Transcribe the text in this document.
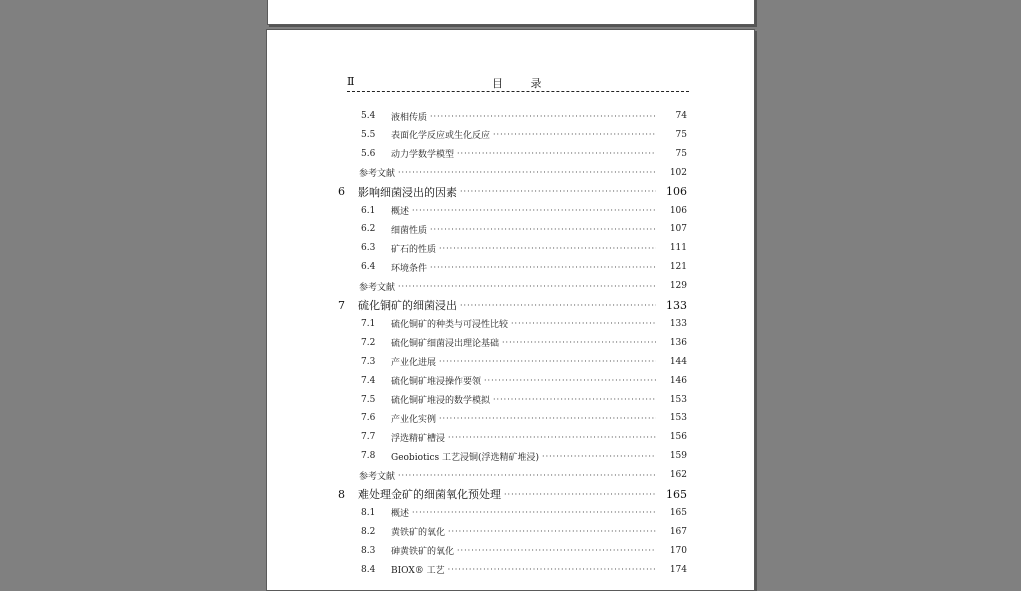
Ⅱ	目 录
5.4	液相传质 ·····	74
5.5	表面化学反应或生化反应 ·····	75
5.6	动力学数学模型 ·····	75
参考文献 ·····	102
6	影响细菌浸出的因素 ·····	106
6.1	概述 ·····	106
6.2	细菌性质 ·····	107
6.3	矿石的性质 ·····	111
6.4	环境条件 ·····	121
参考文献 ·····	129
7	硫化铜矿的细菌浸出 ·····	133
7.1	硫化铜矿的种类与可浸性比较 ·····	133
7.2	硫化铜矿细菌浸出理论基础 ·····	136
7.3	产业化进展 ·····	144
7.4	硫化铜矿堆浸操作要领 ·····	146
7.5	硫化铜矿堆浸的数学模拟 ·····	153
7.6	产业化实例 ·····	153
7.7	浮选精矿槽浸 ·····	156
7.8	Geobiotics 工艺浸铜(浮选精矿堆浸) ·····	159
参考文献 ·····	162
8	难处理金矿的细菌氧化预处理 ·····	165
8.1	概述 ·····	165
8.2	黄铁矿的氧化 ·····	167
8.3	砷黄铁矿的氧化 ·····	170
8.4	BIOX® 工艺 ·····	174
